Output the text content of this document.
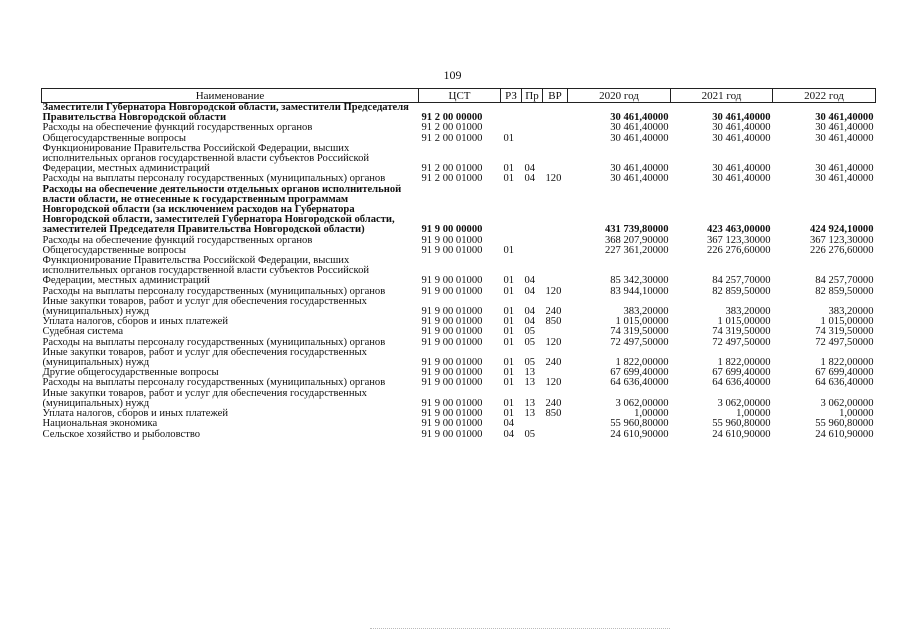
109
Наименование	ЦСТ	РЗ	Пр	ВР	2020 год	2021 год	2022 год
Заместители Губернатора Новгородской области, заместители Председателя Правительства Новгородской области	91 2 00 00000				30 461,40000	30 461,40000	30 461,40000
Расходы на обеспечение функций государственных органов	91 2 00 01000				30 461,40000	30 461,40000	30 461,40000
Общегосударственные вопросы	91 2 00 01000	01			30 461,40000	30 461,40000	30 461,40000
Функционирование Правительства Российской Федерации, высших исполнительных органов государственной власти субъектов Российской Федерации, местных администраций	91 2 00 01000	01	04		30 461,40000	30 461,40000	30 461,40000
Расходы на выплаты персоналу государственных (муниципальных) органов	91 2 00 01000	01	04	120	30 461,40000	30 461,40000	30 461,40000
Расходы на обеспечение деятельности отдельных органов исполнительной власти области, не отнесенные к государственным программам Новгородской области (за исключением расходов на Губернатора Новгородской области, заместителей Губернатора Новгородской области, заместителей Председателя Правительства Новгородской области)	91 9 00 00000				431 739,80000	423 463,00000	424 924,10000
Расходы на обеспечение функций государственных органов	91 9 00 01000				368 207,90000	367 123,30000	367 123,30000
Общегосударственные вопросы	91 9 00 01000	01			227 361,20000	226 276,60000	226 276,60000
Функционирование Правительства Российской Федерации, высших исполнительных органов государственной власти субъектов Российской Федерации, местных администраций	91 9 00 01000	01	04		85 342,30000	84 257,70000	84 257,70000
Расходы на выплаты персоналу государственных (муниципальных) органов	91 9 00 01000	01	04	120	83 944,10000	82 859,50000	82 859,50000
Иные закупки товаров, работ и услуг для обеспечения государственных (муниципальных) нужд	91 9 00 01000	01	04	240	383,20000	383,20000	383,20000
Уплата налогов, сборов и иных платежей	91 9 00 01000	01	04	850	1 015,00000	1 015,00000	1 015,00000
Судебная система	91 9 00 01000	01	05		74 319,50000	74 319,50000	74 319,50000
Расходы на выплаты персоналу государственных (муниципальных) органов	91 9 00 01000	01	05	120	72 497,50000	72 497,50000	72 497,50000
Иные закупки товаров, работ и услуг для обеспечения государственных (муниципальных) нужд	91 9 00 01000	01	05	240	1 822,00000	1 822,00000	1 822,00000
Другие общегосударственные вопросы	91 9 00 01000	01	13		67 699,40000	67 699,40000	67 699,40000
Расходы на выплаты персоналу государственных (муниципальных) органов	91 9 00 01000	01	13	120	64 636,40000	64 636,40000	64 636,40000
Иные закупки товаров, работ и услуг для обеспечения государственных (муниципальных) нужд	91 9 00 01000	01	13	240	3 062,00000	3 062,00000	3 062,00000
Уплата налогов, сборов и иных платежей	91 9 00 01000	01	13	850	1,00000	1,00000	1,00000
Национальная экономика	91 9 00 01000	04			55 960,80000	55 960,80000	55 960,80000
Сельское хозяйство и рыболовство	91 9 00 01000	04	05		24 610,90000	24 610,90000	24 610,90000
